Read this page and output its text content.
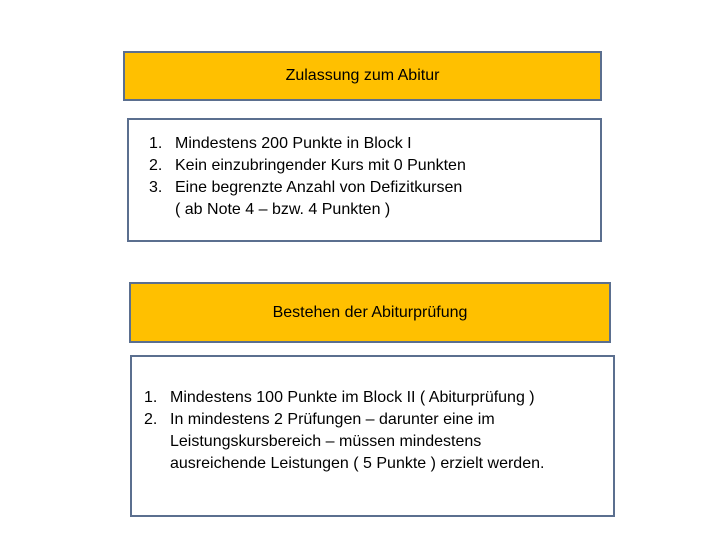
Zulassung zum Abitur
1. Mindestens 200 Punkte in Block I
2. Kein einzubringender Kurs mit 0 Punkten
3. Eine begrenzte Anzahl von Defizitkursen
( ab Note 4 – bzw. 4 Punkten )
Bestehen der Abiturprüfung
1. Mindestens 100 Punkte im Block II ( Abiturprüfung )
2. In mindestens 2 Prüfungen – darunter eine im
Leistungskursbereich – müssen mindestens
ausreichende Leistungen ( 5 Punkte ) erzielt werden.
